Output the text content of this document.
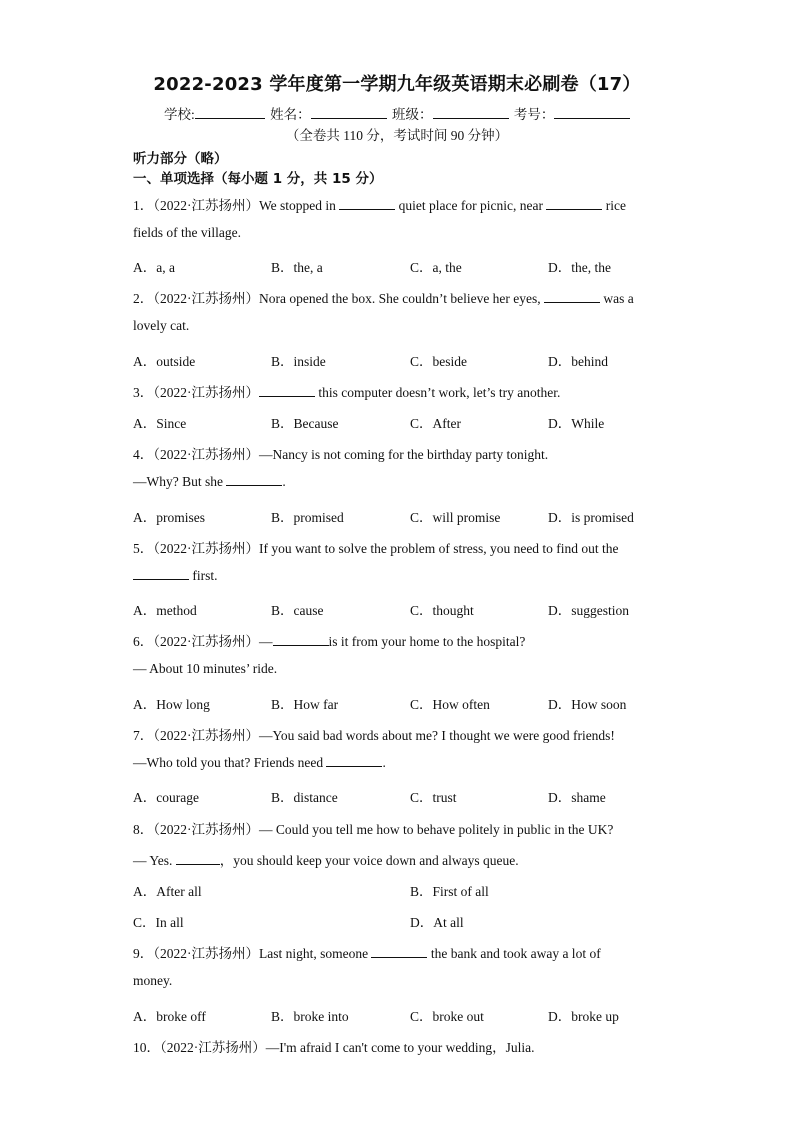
2022-2023 学年度第一学期九年级英语期末必刷卷（17）
学校:	姓名：	班级：	考号：
（全卷共 110 分，考试时间 90 分钟）
听力部分（略）
一、单项选择（每小题 1 分，共 15 分）
1．（2022·江苏扬州）We stopped in	quiet place for picnic, near	rice
fields of the village.
A．a, a	B．the, a	C．a, the	D．the, the
2．（2022·江苏扬州）Nora opened the box. She couldn’t believe her eyes,	was a
lovely cat.
A．outside	B．inside	C．beside	D．behind
3．（2022·江苏扬州）	this computer doesn’t work, let’s try another.
A．Since	B．Because	C．After	D．While
4．（2022·江苏扬州）—Nancy is not coming for the birthday party tonight.
—Why? But she	.
A．promises	B．promised	C．will promise	D．is promised
5．（2022·江苏扬州）If you want to solve the problem of stress, you need to find out the
first.
A．method	B．cause	C．thought	D．suggestion
6．（2022·江苏扬州）—	is it from your home to the hospital?
— About 10 minutes’ ride.
A．How long	B．How far	C．How often	D．How soon
7．（2022·江苏扬州）—You said bad words about me? I thought we were good friends!
—Who told you that? Friends need	.
A．courage	B．distance	C．trust	D．shame
8．（2022·江苏扬州）— Could you tell me how to behave politely in public in the UK?
— Yes.	，you should keep your voice down and always queue.
A．After all	B．First of all
C．In all	D．At all
9．（2022·江苏扬州）Last night, someone	the bank and took away a lot of
money.
A．broke off	B．broke into	C．broke out	D．broke up
10．（2022·江苏扬州）—I'm afraid I can't come to your wedding，Julia.
